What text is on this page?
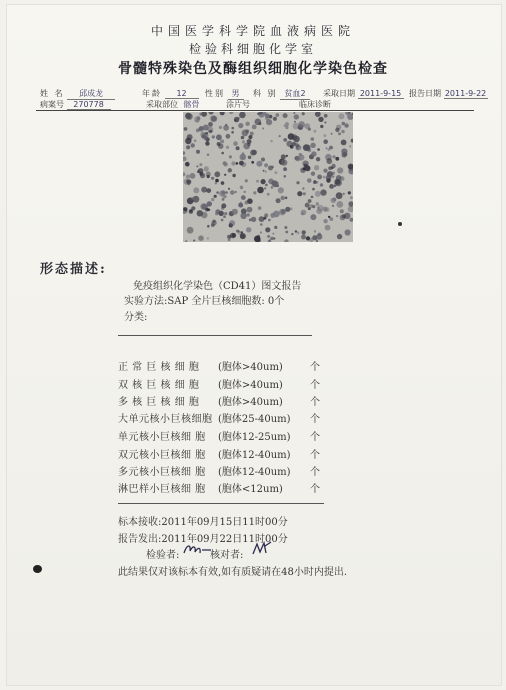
中国医学科学院血液病医院
检验科细胞化学室
骨髓特殊染色及酶组织细胞化学染色检查
姓 名 邱成龙	年龄 12	性别 男	科 别 贫血2	采取日期 2011-9-15 报告日期 2011-9-22
病案号 270778	采取部位 髂骨	涂片号	临床诊断
形态描述:
免疫组织化学染色（CD41）图文报告
实验方法:SAP 全片巨核细胞数: 0个
分类:
正 常 巨 核 细 胞 (胞体>40um)	个
双 核 巨 核 细 胞 (胞体>40um)	个
多 核 巨 核 细 胞 (胞体>40um)	个
大单元核小巨核细胞 (胞体25-40um) 个
单元核小巨核细 胞 (胞体12-25um) 个
双元核小巨核细 胞 (胞体12-40um) 个
多元核小巨核细 胞 (胞体12-40um) 个
淋巴样小巨核细 胞 (胞体<12um)	个
标本接收:2011年09月15日11时00分
报告发出:2011年09月22日11时00分
检验者:	核对者:
此结果仅对该标本有效,如有质疑请在48小时内提出.
